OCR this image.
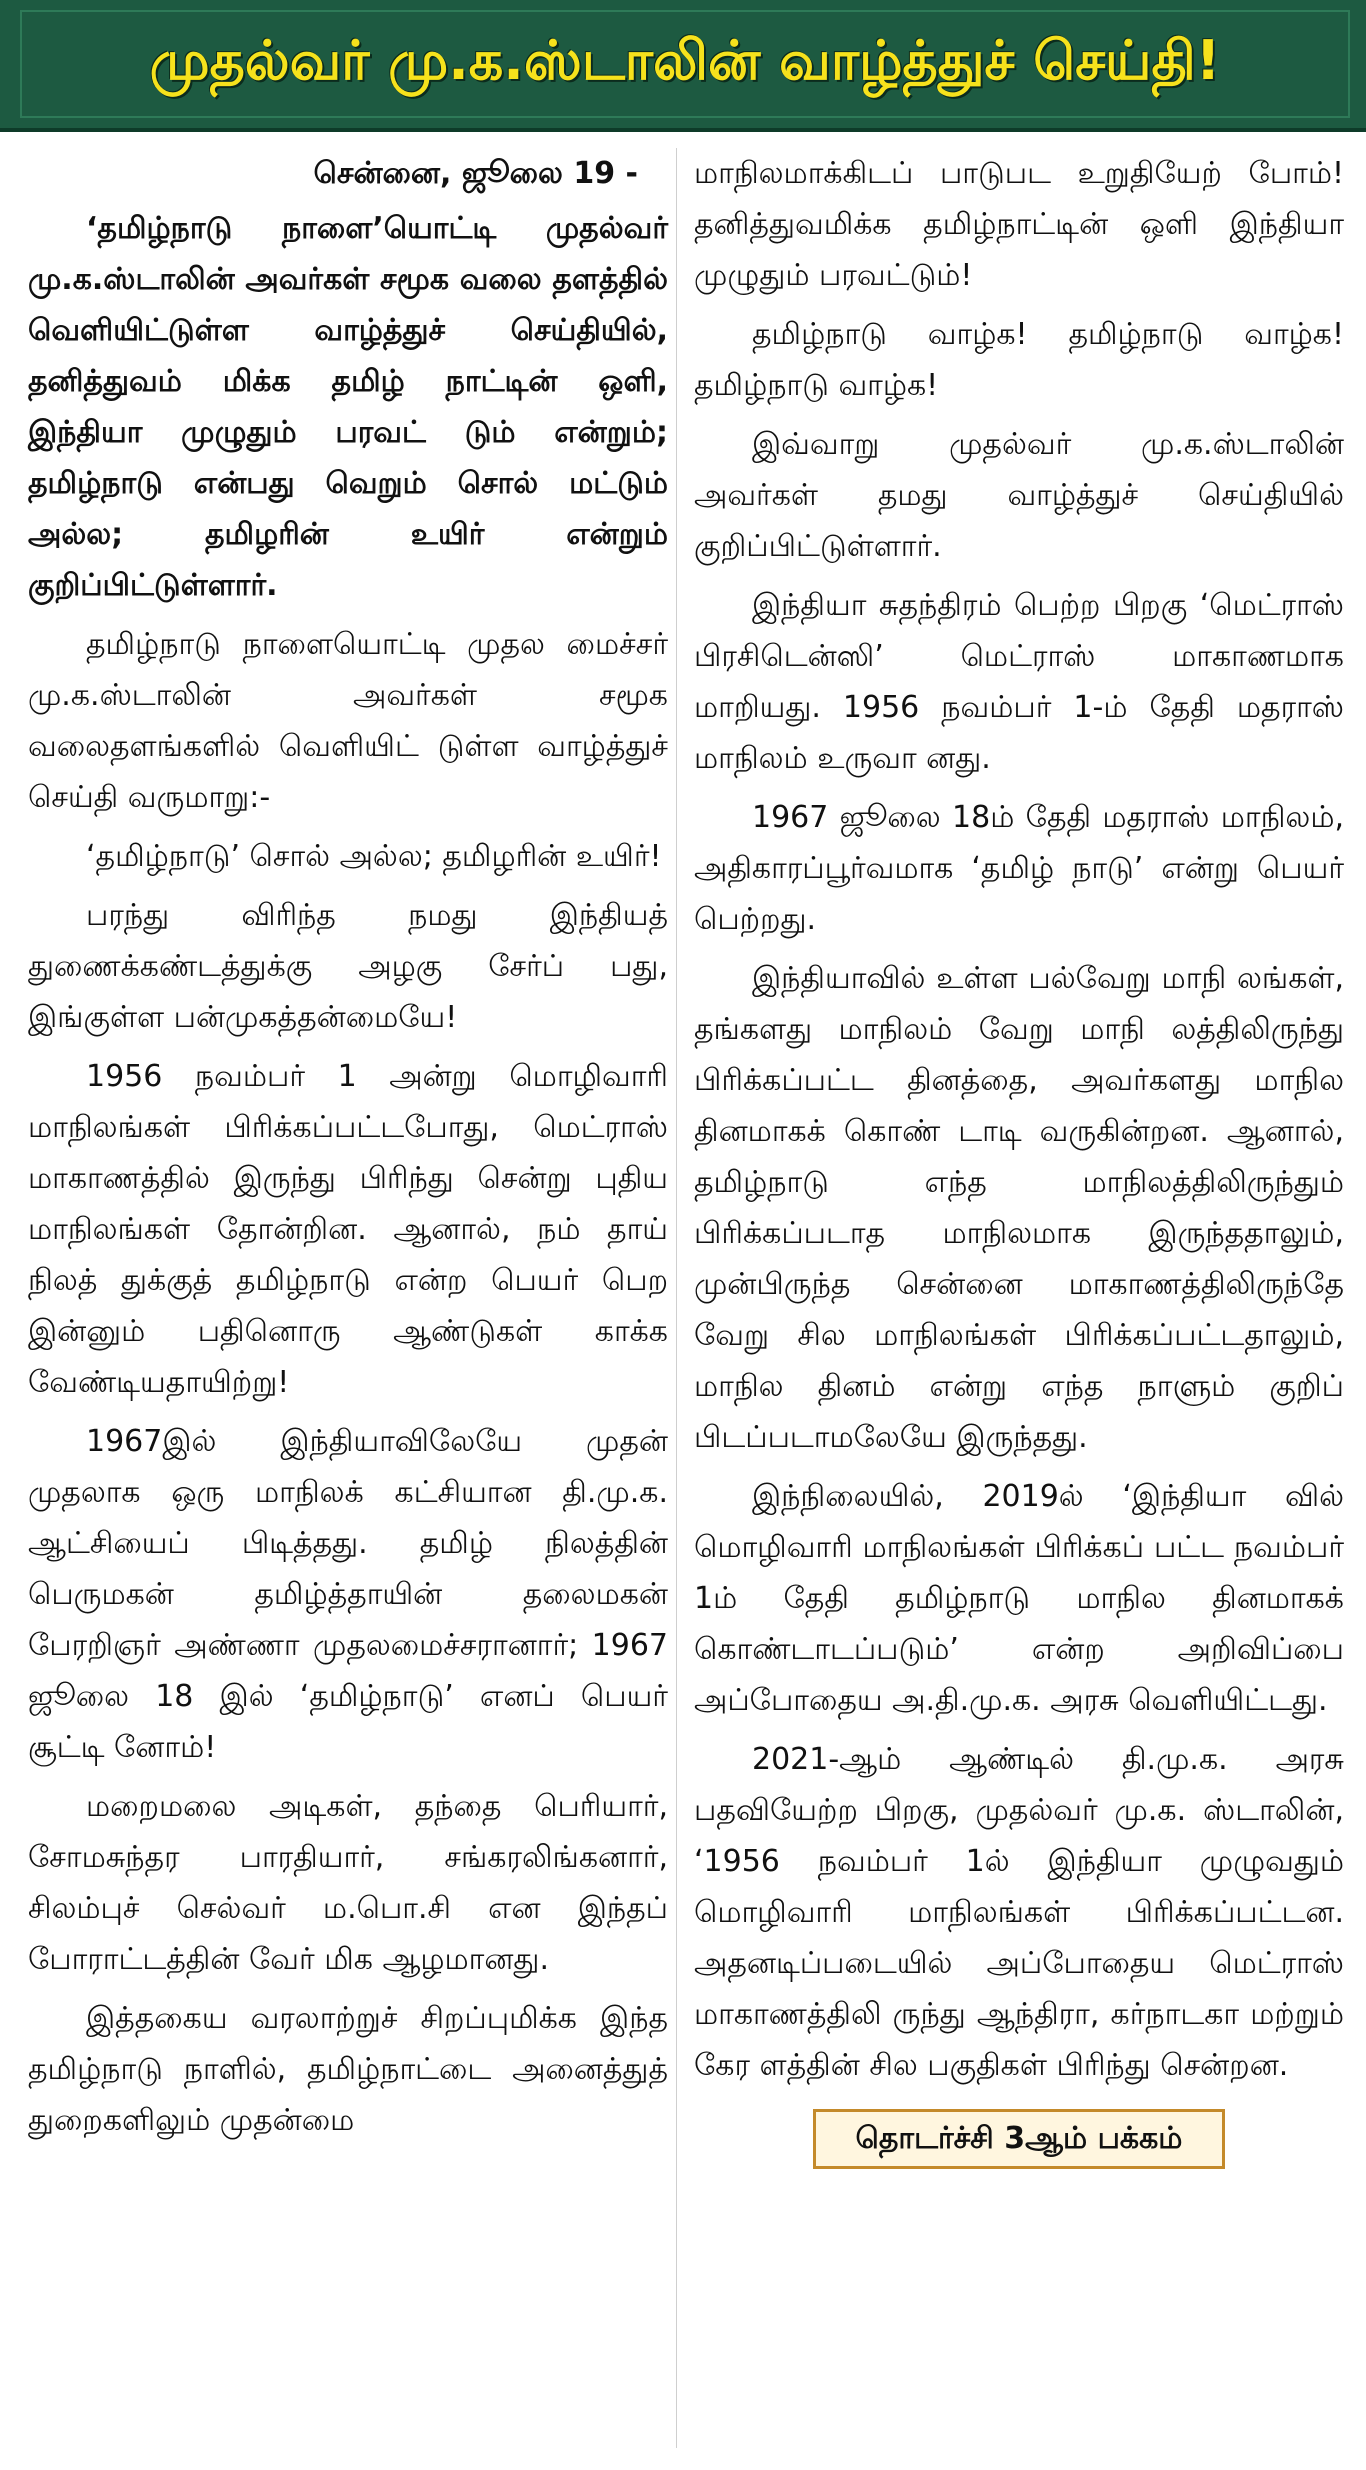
முதல்வர் மு.க.ஸ்டாலின் வாழ்த்துச் செய்தி!

சென்னை, ஜூலை 19 -

‘தமிழ்நாடு நாளை’யொட்டி முதல்வர் மு.க.ஸ்டாலின் அவர்கள் சமூக வலை தளத்தில் வெளியிட்டுள்ள வாழ்த்துச் செய்தியில், தனித்துவம் மிக்க தமிழ் நாட்டின் ஒளி, இந்தியா முழுதும் பரவட் டும் என்றும்; தமிழ்நாடு என்பது வெறும் சொல் மட்டும் அல்ல; தமிழரின் உயிர் என்றும் குறிப்பிட்டுள்ளார்.

தமிழ்நாடு நாளையொட்டி முதல மைச்சர் மு.க.ஸ்டாலின் அவர்கள் சமூக வலைதளங்களில் வெளியிட் டுள்ள வாழ்த்துச் செய்தி வருமாறு:-

‘தமிழ்நாடு’ சொல் அல்ல; தமிழரின் உயிர்!

பரந்து விரிந்த நமது இந்தியத் துணைக்கண்டத்துக்கு அழகு சேர்ப் பது, இங்குள்ள பன்முகத்தன்மையே!

1956 நவம்பர் 1 அன்று மொழிவாரி மாநிலங்கள் பிரிக்கப்பட்டபோது, மெட்ராஸ் மாகாணத்தில் இருந்து பிரிந்து சென்று புதிய மாநிலங்கள் தோன்றின. ஆனால், நம் தாய் நிலத் துக்குத் தமிழ்நாடு என்ற பெயர் பெற இன்னும் பதினொரு ஆண்டுகள் காக்க வேண்டியதாயிற்று!

1967இல் இந்தியாவிலேயே முதன் முதலாக ஒரு மாநிலக் கட்சியான தி.மு.க. ஆட்சியைப் பிடித்தது. தமிழ் நிலத்தின் பெருமகன் தமிழ்த்தாயின் தலைமகன் பேரறிஞர் அண்ணா முதலமைச்சரானார்; 1967 ஜூலை 18 இல் ‘தமிழ்நாடு’ எனப் பெயர் சூட்டி னோம்!

மறைமலை அடிகள், தந்தை பெரியார், சோமசுந்தர பாரதியார், சங்கரலிங்கனார், சிலம்புச் செல்வர் ம.பொ.சி என இந்தப் போராட்டத்தின் வேர் மிக ஆழமானது.

இத்தகைய வரலாற்றுச் சிறப்புமிக்க இந்த தமிழ்நாடு நாளில், தமிழ்நாட்டை அனைத்துத் துறைகளிலும் முதன்மை

மாநிலமாக்கிடப் பாடுபட உறுதியேற் போம்! தனித்துவமிக்க தமிழ்நாட்டின் ஒளி இந்தியா முழுதும் பரவட்டும்!

தமிழ்நாடு வாழ்க! தமிழ்நாடு வாழ்க! தமிழ்நாடு வாழ்க!

இவ்வாறு முதல்வர் மு.க.ஸ்டாலின் அவர்கள் தமது வாழ்த்துச் செய்தியில் குறிப்பிட்டுள்ளார்.

இந்தியா சுதந்திரம் பெற்ற பிறகு ‘மெட்ராஸ் பிரசிடென்ஸி’ மெட்ராஸ் மாகாணமாக மாறியது. 1956 நவம்பர் 1-ம் தேதி மதராஸ் மாநிலம் உருவா னது.

1967 ஜூலை 18ம் தேதி மதராஸ் மாநிலம், அதிகாரப்பூர்வமாக ‘தமிழ் நாடு’ என்று பெயர் பெற்றது.

இந்தியாவில் உள்ள பல்வேறு மாநி லங்கள், தங்களது மாநிலம் வேறு மாநி லத்திலிருந்து பிரிக்கப்பட்ட தினத்தை, அவர்களது மாநில தினமாகக் கொண் டாடி வருகின்றன. ஆனால், தமிழ்நாடு எந்த மாநிலத்திலிருந்தும் பிரிக்கப்படாத மாநிலமாக இருந்ததாலும், முன்பிருந்த சென்னை மாகாணத்திலிருந்தே வேறு சில மாநிலங்கள் பிரிக்கப்பட்டதாலும், மாநில தினம் என்று எந்த நாளும் குறிப் பிடப்படாமலேயே இருந்தது.

இந்நிலையில், 2019ல் ‘இந்தியா வில் மொழிவாரி மாநிலங்கள் பிரிக்கப் பட்ட நவம்பர் 1ம் தேதி தமிழ்நாடு மாநில தினமாகக் கொண்டாடப்படும்’ என்ற அறிவிப்பை அப்போதைய அ.தி.மு.க. அரசு வெளியிட்டது.

2021-ஆம் ஆண்டில் தி.மு.க. அரசு பதவியேற்ற பிறகு, முதல்வர் மு.க. ஸ்டாலின், ‘1956 நவம்பர் 1ல் இந்தியா முழுவதும் மொழிவாரி மாநிலங்கள் பிரிக்கப்பட்டன. அதனடிப்படையில் அப்போதைய மெட்ராஸ் மாகாணத்திலி ருந்து ஆந்திரா, கர்நாடகா மற்றும் கேர ளத்தின் சில பகுதிகள் பிரிந்து சென்றன.

தொடர்ச்சி 3ஆம் பக்கம்
